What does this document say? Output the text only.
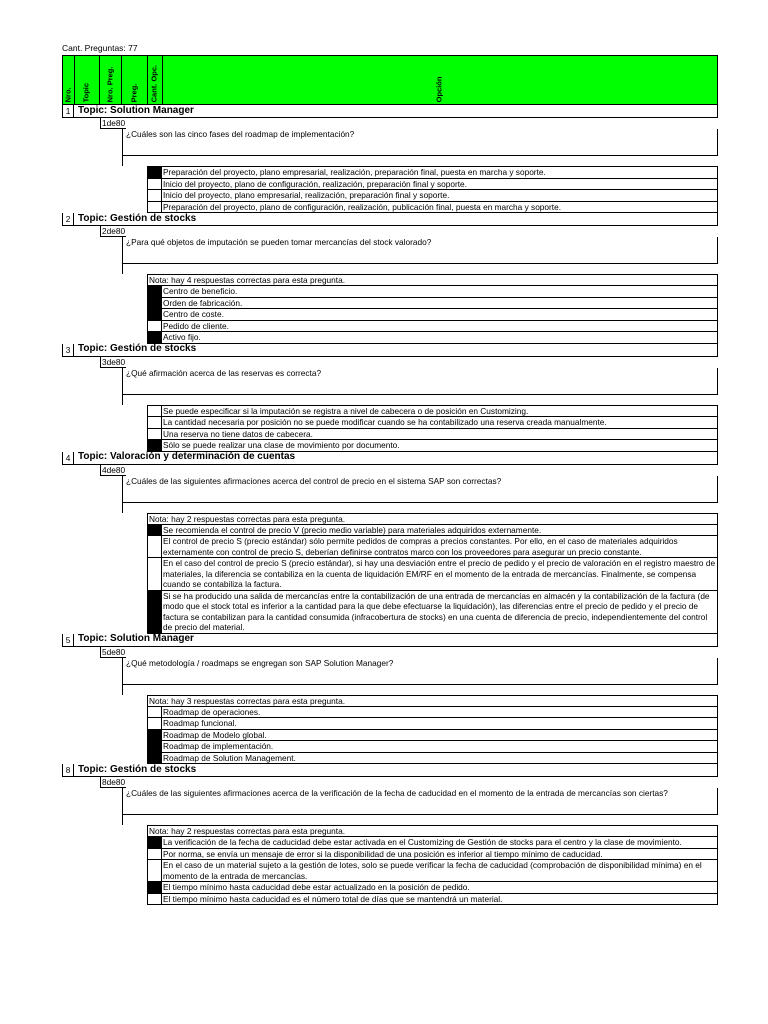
Cant. Preguntas: 77
Nro. Topic Nro. Preg. Preg. Cant. Opc.	Opción
1 Topic: Solution Manager
1de80
¿Cuáles son las cinco fases del roadmap de implementación?
Preparación del proyecto, plano empresarial, realización, preparación final, puesta en marcha y soporte.
Inicio del proyecto, plano de configuración, realización, preparación final y soporte.
Inicio del proyecto, plano empresarial, realización, preparación final y soporte.
Preparación del proyecto, plano de configuración, realización, publicación final, puesta en marcha y soporte.
2 Topic: Gestión de stocks
2de80
¿Para qué objetos de imputación se pueden tomar mercancías del stock valorado?
Nota: hay 4 respuestas correctas para esta pregunta.
Centro de beneficio.
Orden de fabricación.
Centro de coste.
Pedido de cliente.
Activo fijo.
3 Topic: Gestión de stocks
3de80
¿Qué afirmación acerca de las reservas es correcta?
Se puede especificar si la imputación se registra a nivel de cabecera o de posición en Customizing.
La cantidad necesaria por posición no se puede modificar cuando se ha contabilizado una reserva creada manualmente.
Una reserva no tiene datos de cabecera.
Sólo se puede realizar una clase de movimiento por documento.
4 Topic: Valoración y determinación de cuentas
4de80
¿Cuáles de las siguientes afirmaciones acerca del control de precio en el sistema SAP son correctas?
Nota: hay 2 respuestas correctas para esta pregunta.
Se recomienda el control de precio V (precio medio variable) para materiales adquiridos externamente.
El control de precio S (precio estándar) sólo permite pedidos de compras a precios constantes. Por ello, en el caso de materiales adquiridos externamente con control de precio S, deberían definirse contratos marco con los proveedores para asegurar un precio constante.
En el caso del control de precio S (precio estándar), si hay una desviación entre el precio de pedido y el precio de valoración en el registro maestro de materiales, la diferencia se contabiliza en la cuenta de liquidación EM/RF en el momento de la entrada de mercancías. Finalmente, se compensa cuando se contabiliza la factura.
Si se ha producido una salida de mercancías entre la contabilización de una entrada de mercancías en almacén y la contabilización de la factura (de modo que el stock total es inferior a la cantidad para la que debe efectuarse la liquidación), las diferencias entre el precio de pedido y el precio de factura se contabilizan para la cantidad consumida (infracobertura de stocks) en una cuenta de diferencia de precio, independientemente del control de precio del material.
5 Topic: Solution Manager
5de80
¿Qué metodología / roadmaps se engregan son SAP Solution Manager?
Nota: hay 3 respuestas correctas para esta pregunta.
Roadmap de operaciones.
Roadmap funcional.
Roadmap de Modelo global.
Roadmap de implementación.
Roadmap de Solution Management.
8 Topic: Gestión de stocks
8de80
¿Cuáles de las siguientes afirmaciones acerca de la verificación de la fecha de caducidad en el momento de la entrada de mercancías son ciertas?
Nota: hay 2 respuestas correctas para esta pregunta.
La verificación de la fecha de caducidad debe estar activada en el Customizing de Gestión de stocks para el centro y la clase de movimiento.
Por norma, se envía un mensaje de error si la disponibilidad de una posición es inferior al tiempo mínimo de caducidad.
En el caso de un material sujeto a la gestión de lotes, solo se puede verificar la fecha de caducidad (comprobación de disponibilidad mínima) en el momento de la entrada de mercancías.
El tiempo mínimo hasta caducidad debe estar actualizado en la posición de pedido.
El tiempo mínimo hasta caducidad es el número total de días que se mantendrá un material.
